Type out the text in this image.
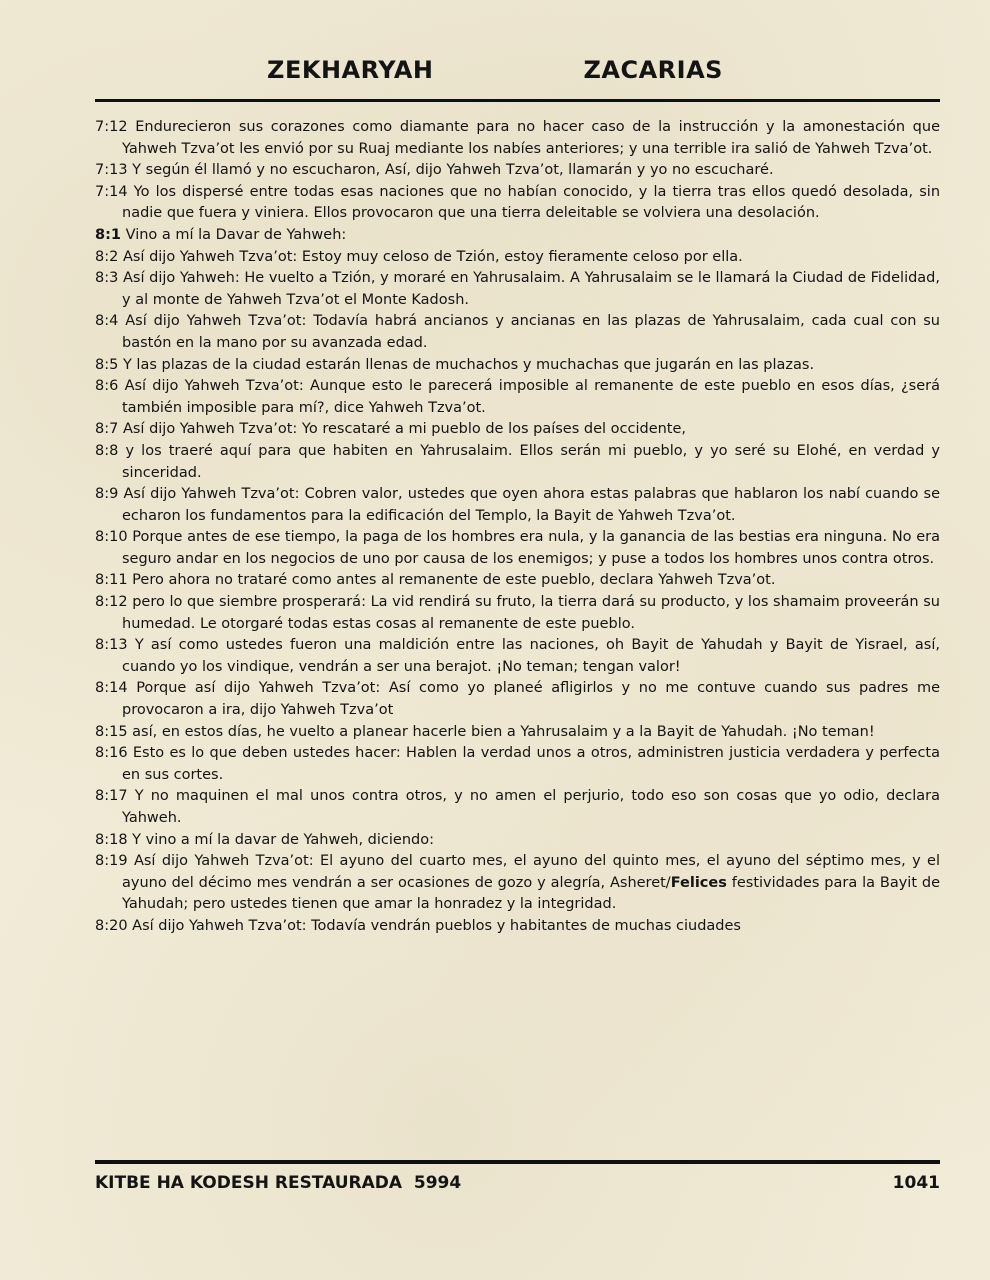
ZEKHARYAH	ZACARIAS

7:12 Endurecieron sus corazones como diamante para no hacer caso de la instrucción y la amonestación que Yahweh Tzva’ot les envió por su Ruaj mediante los nabíes anteriores; y una terrible ira salió de Yahweh Tzva’ot.

7:13 Y según él llamó y no escucharon, Así, dijo Yahweh Tzva’ot, llamarán y yo no escucharé.

7:14 Yo los dispersé entre todas esas naciones que no habían conocido, y la tierra tras ellos quedó desolada, sin nadie que fuera y viniera. Ellos provocaron que una tierra deleitable se volviera una desolación.

8:1 Vino a mí la Davar de Yahweh:

8:2 Así dijo Yahweh Tzva’ot: Estoy muy celoso de Tzión, estoy fieramente celoso por ella.

8:3 Así dijo Yahweh: He vuelto a Tzión, y moraré en Yahrusalaim. A Yahrusalaim se le llamará la Ciudad de Fidelidad, y al monte de Yahweh Tzva’ot el Monte Kadosh.

8:4 Así dijo Yahweh Tzva’ot: Todavía habrá ancianos y ancianas en las plazas de Yahrusalaim, cada cual con su bastón en la mano por su avanzada edad.

8:5 Y las plazas de la ciudad estarán llenas de muchachos y muchachas que jugarán en las plazas.

8:6 Así dijo Yahweh Tzva’ot: Aunque esto le parecerá imposible al remanente de este pueblo en esos días, ¿será también imposible para mí?, dice Yahweh Tzva’ot.

8:7 Así dijo Yahweh Tzva’ot: Yo rescataré a mi pueblo de los países del occidente,

8:8 y los traeré aquí para que habiten en Yahrusalaim. Ellos serán mi pueblo, y yo seré su Elohé, en verdad y sinceridad.

8:9 Así dijo Yahweh Tzva’ot: Cobren valor, ustedes que oyen ahora estas palabras que hablaron los nabí cuando se echaron los fundamentos para la edificación del Templo, la Bayit de Yahweh Tzva’ot.

8:10 Porque antes de ese tiempo, la paga de los hombres era nula, y la ganancia de las bestias era ninguna. No era seguro andar en los negocios de uno por causa de los enemigos; y puse a todos los hombres unos contra otros.

8:11 Pero ahora no trataré como antes al remanente de este pueblo, declara Yahweh Tzva’ot.

8:12 pero lo que siembre prosperará: La vid rendirá su fruto, la tierra dará su producto, y los shamaim proveerán su humedad. Le otorgaré todas estas cosas al remanente de este pueblo.

8:13 Y así como ustedes fueron una maldición entre las naciones, oh Bayit de Yahudah y Bayit de Yisrael, así, cuando yo los vindique, vendrán a ser una berajot. ¡No teman; tengan valor!

8:14 Porque así dijo Yahweh Tzva’ot: Así como yo planeé afligirlos y no me contuve cuando sus padres me provocaron a ira, dijo Yahweh Tzva’ot

8:15 así, en estos días, he vuelto a planear hacerle bien a Yahrusalaim y a la Bayit de Yahudah. ¡No teman!

8:16 Esto es lo que deben ustedes hacer: Hablen la verdad unos a otros, administren justicia verdadera y perfecta en sus cortes.

8:17 Y no maquinen el mal unos contra otros, y no amen el perjurio, todo eso son cosas que yo odio, declara Yahweh.

8:18 Y vino a mí la davar de Yahweh, diciendo:

8:19 Así dijo Yahweh Tzva’ot: El ayuno del cuarto mes, el ayuno del quinto mes, el ayuno del séptimo mes, y el ayuno del décimo mes vendrán a ser ocasiones de gozo y alegría, Asheret/Felices festividades para la Bayit de Yahudah; pero ustedes tienen que amar la honradez y la integridad.

8:20 Así dijo Yahweh Tzva’ot: Todavía vendrán pueblos y habitantes de muchas ciudades

KITBE HA KODESH RESTAURADA  5994	1041
